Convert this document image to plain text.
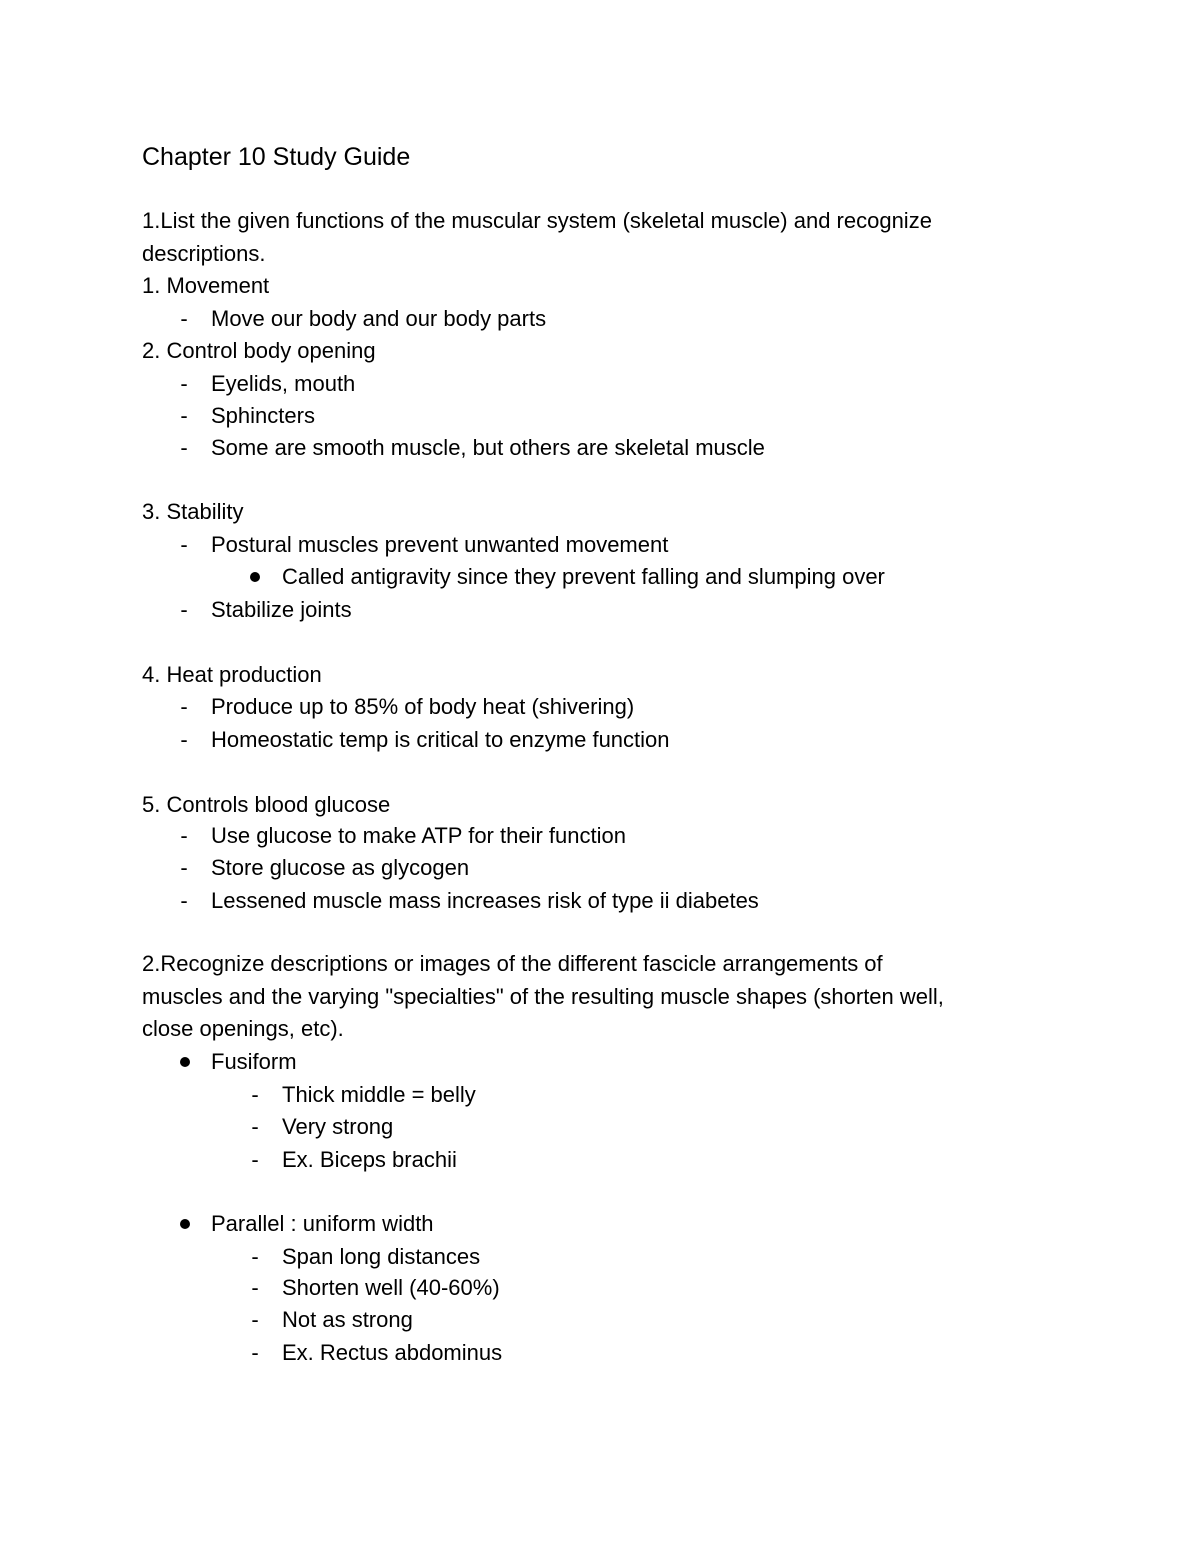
Chapter 10 Study Guide
1.List the given functions of the muscular system (skeletal muscle) and recognize
descriptions.
1. Movement
-	Move our body and our body parts
2. Control body opening
-	Eyelids, mouth
-	Sphincters
-	Some are smooth muscle, but others are skeletal muscle
3. Stability
-	Postural muscles prevent unwanted movement
Called antigravity since they prevent falling and slumping over
-	Stabilize joints
4. Heat production
-	Produce up to 85% of body heat (shivering)
-	Homeostatic temp is critical to enzyme function
5. Controls blood glucose
-	Use glucose to make ATP for their function
-	Store glucose as glycogen
-	Lessened muscle mass increases risk of type ii diabetes
2.Recognize descriptions or images of the different fascicle arrangements of
muscles and the varying "specialties" of the resulting muscle shapes (shorten well,
close openings, etc).
Fusiform
-	Thick middle = belly
-	Very strong
-	Ex. Biceps brachii
Parallel : uniform width
-	Span long distances
-	Shorten well (40-60%)
-	Not as strong
-	Ex. Rectus abdominus
